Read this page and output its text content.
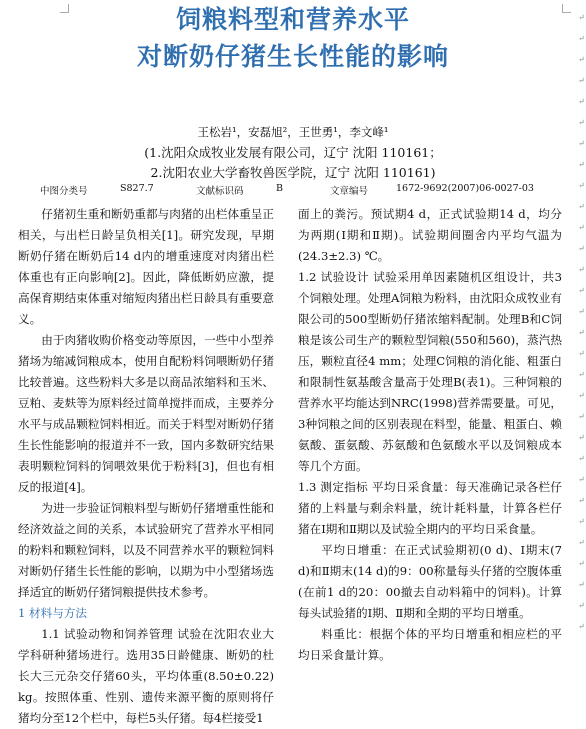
饲粮料型和营养水平
对断奶仔猪生长性能的影响
王松岩¹，安磊旭²，王世勇¹，李文峰¹
(1.沈阳众成牧业发展有限公司，辽宁 沈阳 110161；
2.沈阳农业大学畜牧兽医学院，辽宁 沈阳 110161)
中图分类号	S827.7	文献标识码	B	文章编号	1672-9692(2007)06-0027-03

仔猪初生重和断奶重都与肉猪的出栏体重呈正相关，与出栏日龄呈负相关[1]。研究发现，早期断奶仔猪在断奶后14 d内的增重速度对肉猪出栏体重也有正向影响[2]。因此，降低断奶应激，提高保育期结束体重对缩短肉猪出栏日龄具有重要意义。

由于肉猪收购价格变动等原因，一些中小型养猪场为缩减饲粮成本，使用自配粉料饲喂断奶仔猪比较普遍。这些粉料大多是以商品浓缩料和玉米、豆粕、麦麸等为原料经过简单搅拌而成，主要养分水平与成品颗粒饲料相近。而关于料型对断奶仔猪生长性能影响的报道并不一致，国内多数研究结果表明颗粒饲料的饲喂效果优于粉料[3]，但也有相反的报道[4]。

为进一步验证饲粮料型与断奶仔猪增重性能和经济效益之间的关系，本试验研究了营养水平相同的粉料和颗粒饲料，以及不同营养水平的颗粒饲料对断奶仔猪生长性能的影响，以期为中小型猪场选择适宜的断奶仔猪饲粮提供技术参考。

1 材料与方法

1.1 试验动物和饲养管理 试验在沈阳农业大学科研种猪场进行。选用35日龄健康、断奶的杜长大三元杂交仔猪60头，平均体重(8.50±0.22) kg。按照体重、性别、遗传来源平衡的原则将仔猪均分至12个栏中，每栏5头仔猪。每4栏接受1

面上的粪污。预试期4 d，正式试验期14 d，均分为两期(Ⅰ期和Ⅱ期)。试验期间圈舍内平均气温为(24.3±2.3) ℃。

1.2 试验设计 试验采用单因素随机区组设计，共3个饲粮处理。处理A饲粮为粉料，由沈阳众成牧业有限公司的500型断奶仔猪浓缩料配制。处理B和C饲粮是该公司生产的颗粒型饲粮(550和560)，蒸汽热压，颗粒直径4 mm；处理C饲粮的消化能、粗蛋白和限制性氨基酸含量高于处理B(表1)。三种饲粮的营养水平均能达到NRC(1998)营养需要量。可见，3种饲粮之间的区别表现在料型，能量、粗蛋白、赖氨酸、蛋氨酸、苏氨酸和色氨酸水平以及饲粮成本等几个方面。

1.3 测定指标 平均日采食量：每天准确记录各栏仔猪的上料量与剩余料量，统计耗料量，计算各栏仔猪在Ⅰ期和Ⅱ期以及试验全期内的平均日采食量。

平均日增重：在正式试验期初(0 d)、Ⅰ期末(7 d)和Ⅱ期末(14 d)的9：00称量每头仔猪的空腹体重(在前1 d的20：00撤去自动料箱中的饲料)。计算每头试验猪的Ⅰ期、Ⅱ期和全期的平均日增重。

料重比：根据个体的平均日增重和相应栏的平均日采食量计算。

↵
↵
↵
↵
↵
↵
↵
↵
↵
↵
↵
↵
↵
↵
↵
↵
↵
↵
↵
↵
↵
↵
↵
↵
↵
↵
↵
↵
↵
↵
